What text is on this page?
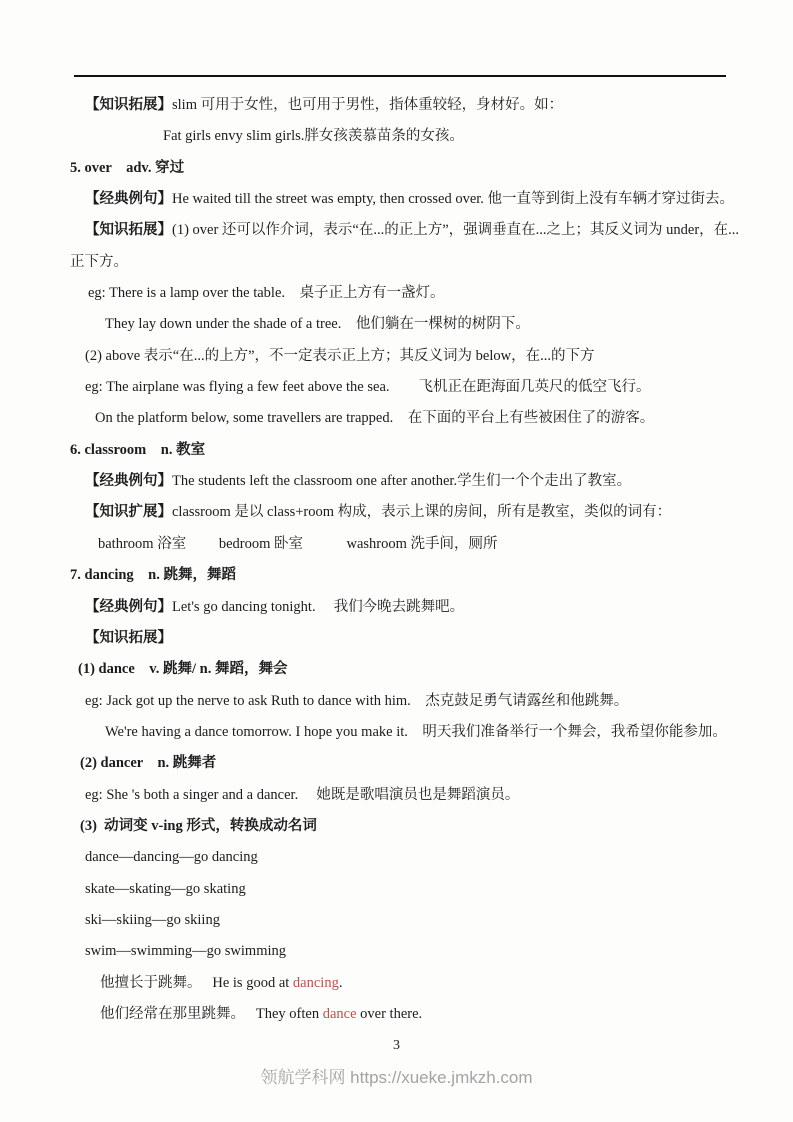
【知识拓展】slim 可用于女性，也可用于男性，指体重较轻，身材好。如：

Fat girls envy slim girls.胖女孩羡慕苗条的女孩。

5. over　adv. 穿过

【经典例句】He waited till the street was empty, then crossed over. 他一直等到街上没有车辆才穿过街去。

【知识拓展】(1) over 还可以作介词，表示“在...的正上方”，强调垂直在...之上；其反义词为 under，在...

正下方。

eg: There is a lamp over the table.　桌子正上方有一盏灯。

They lay down under the shade of a tree.　他们躺在一棵树的树阴下。

(2) above 表示“在...的上方”，不一定表示正上方；其反义词为 below，在...的下方

eg: The airplane was flying a few feet above the sea.　　飞机正在距海面几英尺的低空飞行。

On the platform below, some travellers are trapped.　在下面的平台上有些被困住了的游客。

6. classroom　n. 教室

【经典例句】The students left the classroom one after another.学生们一个个走出了教室。

【知识扩展】classroom 是以 class+room 构成，表示上课的房间，所有是教室，类似的词有：

bathroom 浴室　　 bedroom 卧室　　　washroom 洗手间，厕所

7. dancing　n. 跳舞，舞蹈

【经典例句】Let's go dancing tonight.　 我们今晚去跳舞吧。

【知识拓展】

(1) dance　v. 跳舞/ n. 舞蹈，舞会

eg: Jack got up the nerve to ask Ruth to dance with him.　杰克鼓足勇气请露丝和他跳舞。

We're having a dance tomorrow. I hope you make it.　明天我们准备举行一个舞会，我希望你能参加。

(2) dancer　n. 跳舞者

eg: She 's both a singer and a dancer.　 她既是歌唱演员也是舞蹈演员。

(3)  动词变 v-ing 形式，转换成动名词

dance—dancing—go dancing

skate—skating—go skating

ski—skiing—go skiing

swim—swimming—go swimming

他擅长于跳舞。　 He is good at dancing.

他们经常在那里跳舞。　 They often dance over there.

3
领航学科网 https://xueke.jmkzh.com
